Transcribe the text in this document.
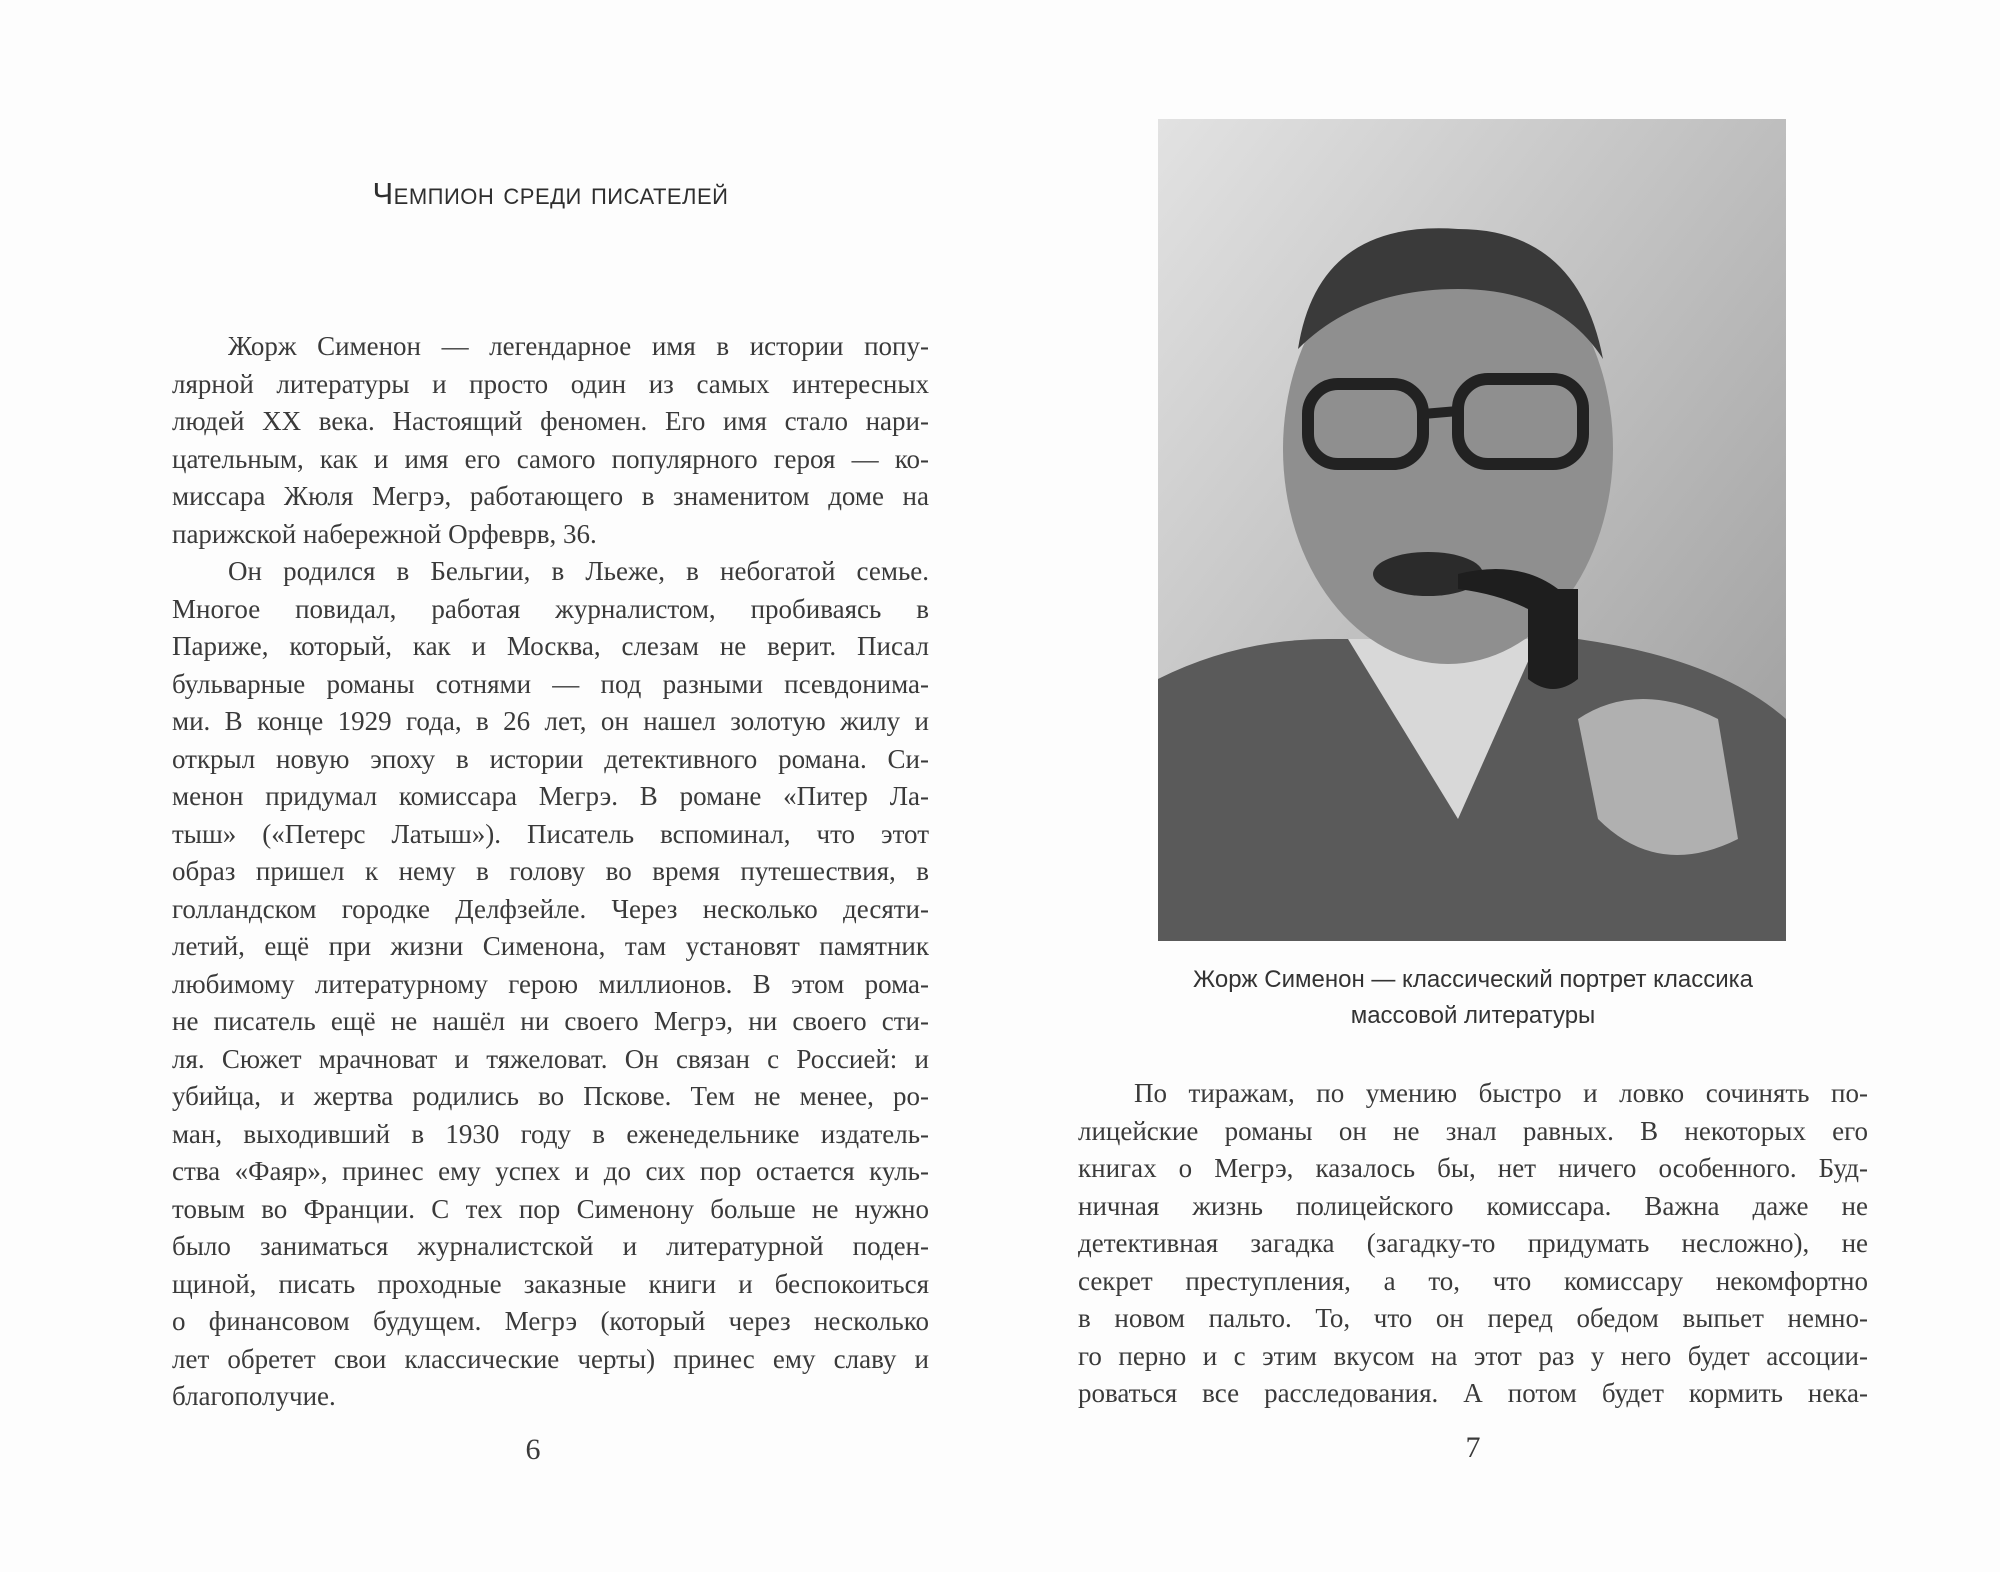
Чемпион среди писателей
Жорж Сименон — легендарное имя в истории попу-
лярной литературы и просто один из самых интересных
людей XX века. Настоящий феномен. Его имя стало нари-
цательным, как и имя его самого популярного героя — ко-
миссара Жюля Мегрэ, работающего в знаменитом доме на
парижской набережной Орфеврв, 36.
Он родился в Бельгии, в Льеже, в небогатой семье.
Многое повидал, работая журналистом, пробиваясь в
Париже, который, как и Москва, слезам не верит. Писал
бульварные романы сотнями — под разными псевдонима-
ми. В конце 1929 года, в 26 лет, он нашел золотую жилу и
открыл новую эпоху в истории детективного романа. Си-
менон придумал комиссара Мегрэ. В романе «Питер Ла-
тыш» («Петерс Латыш»). Писатель вспоминал, что этот
образ пришел к нему в голову во время путешествия, в
голландском городке Делфзейле. Через несколько десяти-
летий, ещё при жизни Сименона, там установят памятник
любимому литературному герою миллионов. В этом рома-
не писатель ещё не нашёл ни своего Мегрэ, ни своего сти-
ля. Сюжет мрачноват и тяжеловат. Он связан с Россией: и
убийца, и жертва родились во Пскове. Тем не менее, ро-
ман, выходивший в 1930 году в еженедельнике издатель-
ства «Фаяр», принес ему успех и до сих пор остается куль-
товым во Франции. С тех пор Сименону больше не нужно
было заниматься журналистской и литературной поден-
щиной, писать проходные заказные книги и беспокоиться
о финансовом будущем. Мегрэ (который через несколько
лет обретет свои классические черты) принес ему славу и
благополучие.
6
Жорж Сименон — классический портрет классика
массовой литературы
По тиражам, по умению быстро и ловко сочинять по-
лицейские романы он не знал равных. В некоторых его
книгах о Мегрэ, казалось бы, нет ничего особенного. Буд-
ничная жизнь полицейского комиссара. Важна даже не
детективная загадка (загадку-то придумать несложно), не
секрет преступления, а то, что комиссару некомфортно
в новом пальто. То, что он перед обедом выпьет немно-
го перно и с этим вкусом на этот раз у него будет ассоции-
роваться все расследования. А потом будет кормить нека-
7
